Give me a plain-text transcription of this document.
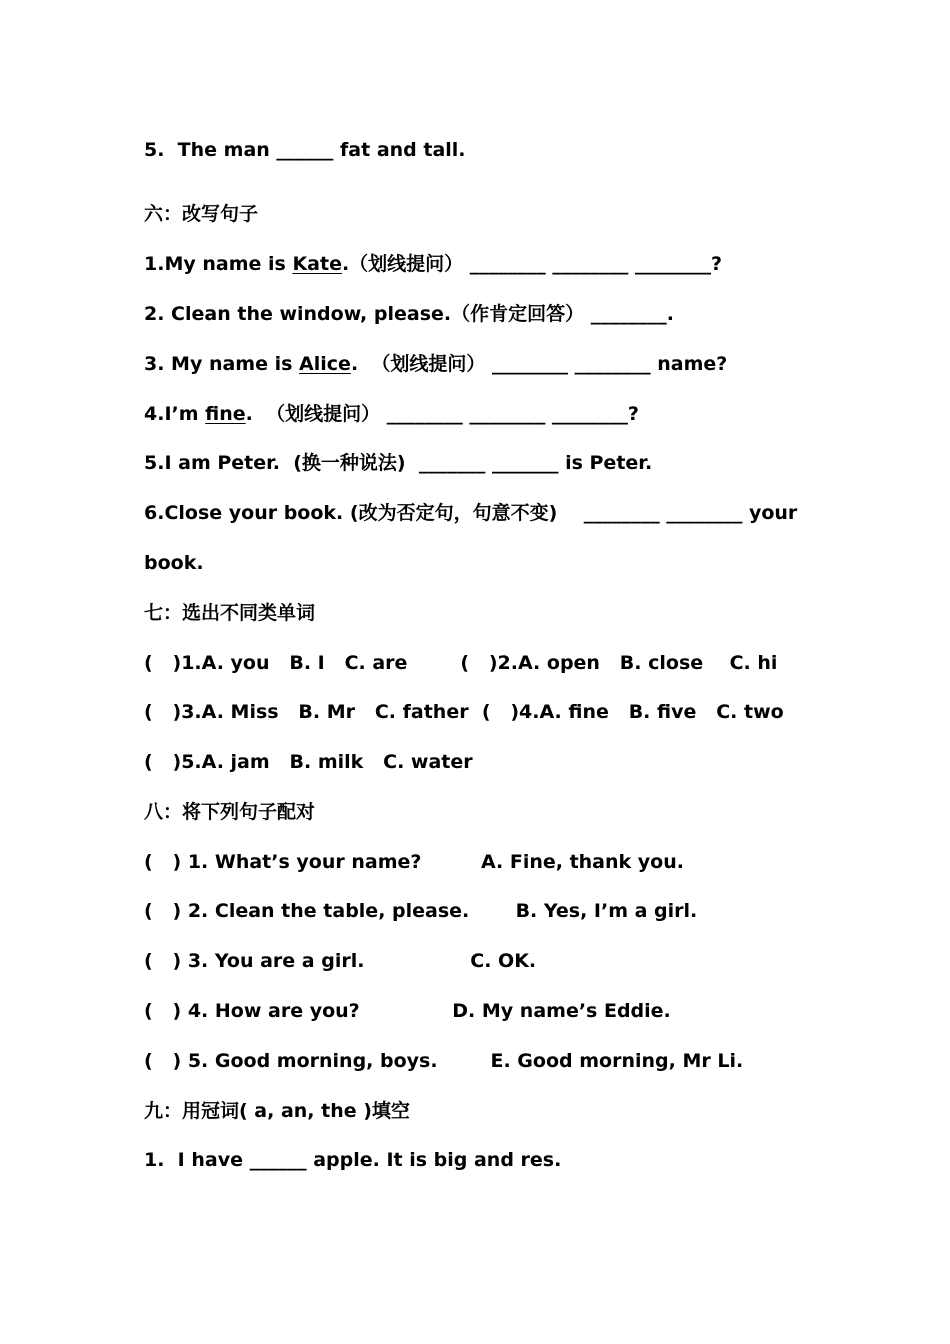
5.  The man ______ fat and tall.
六：改写句子
1.My name is Kate.（划线提问） ________ ________ ________?
2. Clean the window, please.（作肯定回答） ________.
3. My name is Alice.  （划线提问） ________ ________ name?
4.I’m fine.  （划线提问） ________ ________ ________?
5.I am Peter.  (换一种说法)  _______ _______ is Peter.
6.Close your book. (改为否定句，句意不变)    ________ ________ your
book.
七：选出不同类单词
(   )1.A. you   B. I   C. are        (   )2.A. open   B. close    C. hi
(   )3.A. Miss   B. Mr   C. father  (   )4.A. fine   B. five   C. two
(   )5.A. jam   B. milk   C. water
八：将下列句子配对
(   ) 1. What’s your name?         A. Fine, thank you.
(   ) 2. Clean the table, please.       B. Yes, I’m a girl.
(   ) 3. You are a girl.                C. OK.
(   ) 4. How are you?              D. My name’s Eddie.
(   ) 5. Good morning, boys.        E. Good morning, Mr Li.
九：用冠词( a, an, the )填空
1.  I have ______ apple. It is big and res.
